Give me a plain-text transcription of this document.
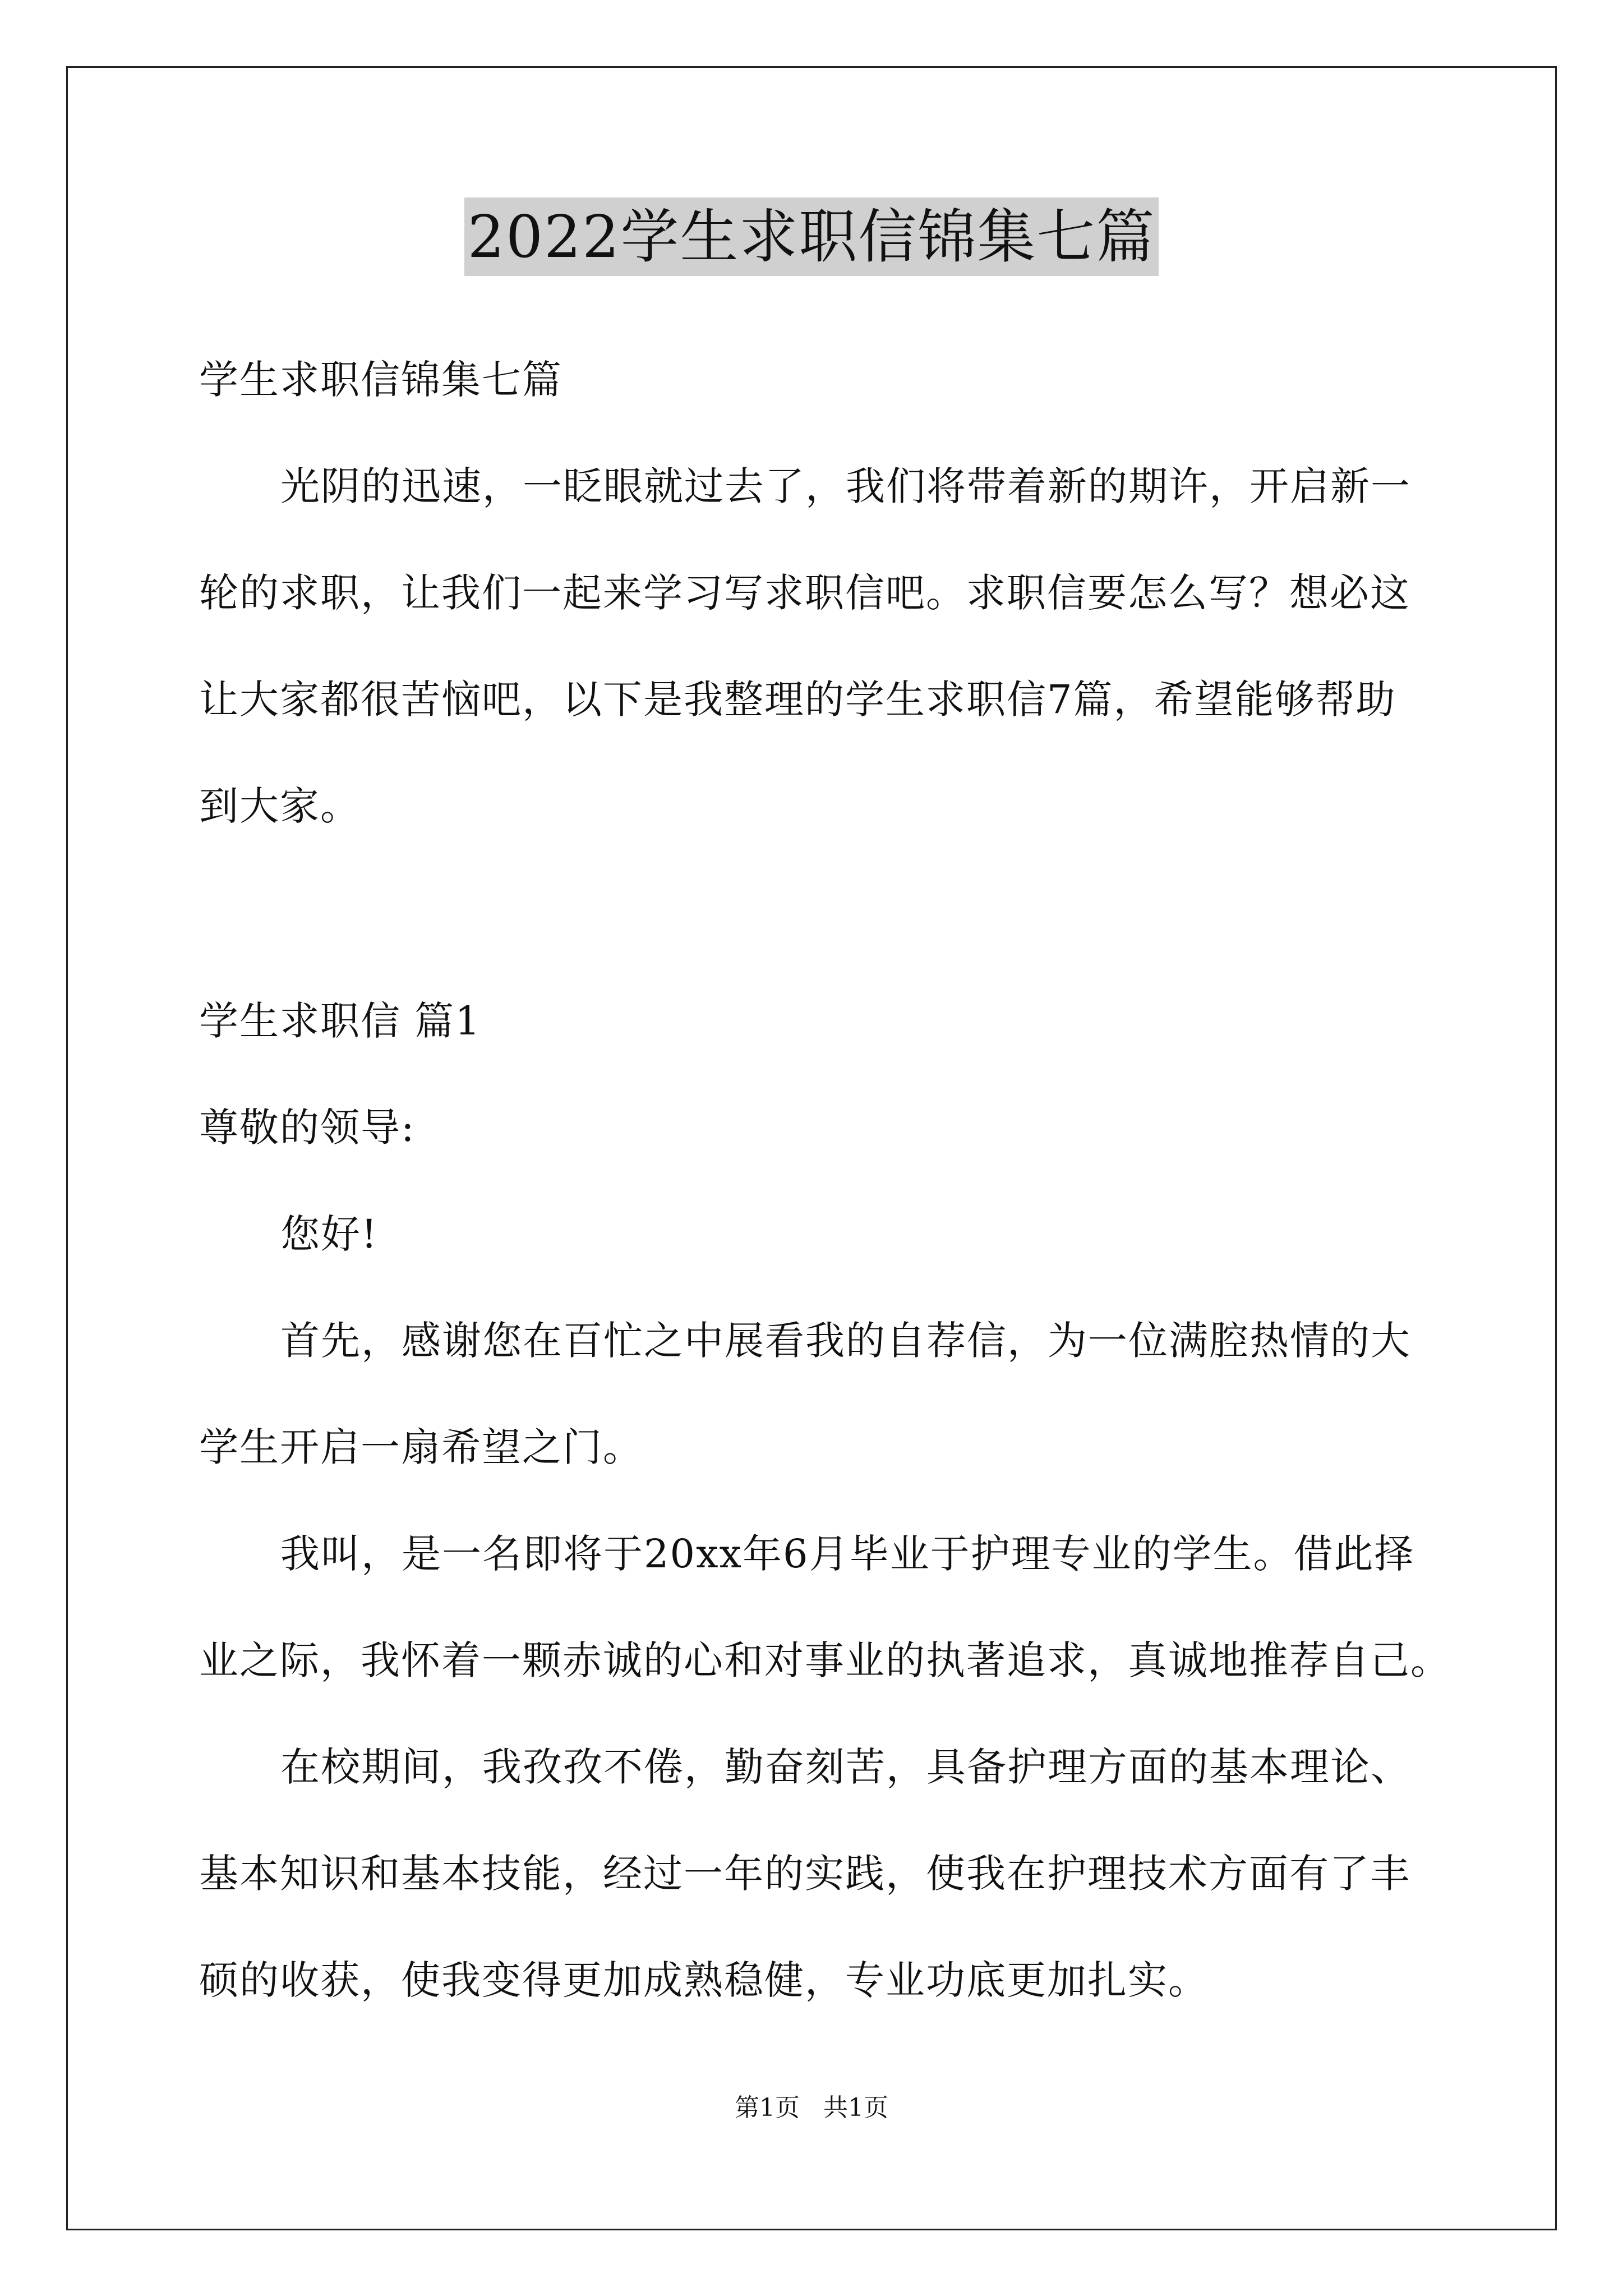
2022学生求职信锦集七篇
学生求职信锦集七篇
光阴的迅速，一眨眼就过去了，我们将带着新的期许，开启新一
轮的求职，让我们一起来学习写求职信吧。求职信要怎么写？想必这
让大家都很苦恼吧，以下是我整理的学生求职信7篇，希望能够帮助
到大家。
学生求职信 篇1
尊敬的领导:
您好!
首先，感谢您在百忙之中展看我的自荐信，为一位满腔热情的大
学生开启一扇希望之门。
我叫，是一名即将于20xx年6月毕业于护理专业的学生。借此择
业之际，我怀着一颗赤诚的心和对事业的执著追求，真诚地推荐自己。
在校期间，我孜孜不倦，勤奋刻苦，具备护理方面的基本理论、
基本知识和基本技能，经过一年的实践，使我在护理技术方面有了丰
硕的收获，使我变得更加成熟稳健，专业功底更加扎实。
第1页   共1页
